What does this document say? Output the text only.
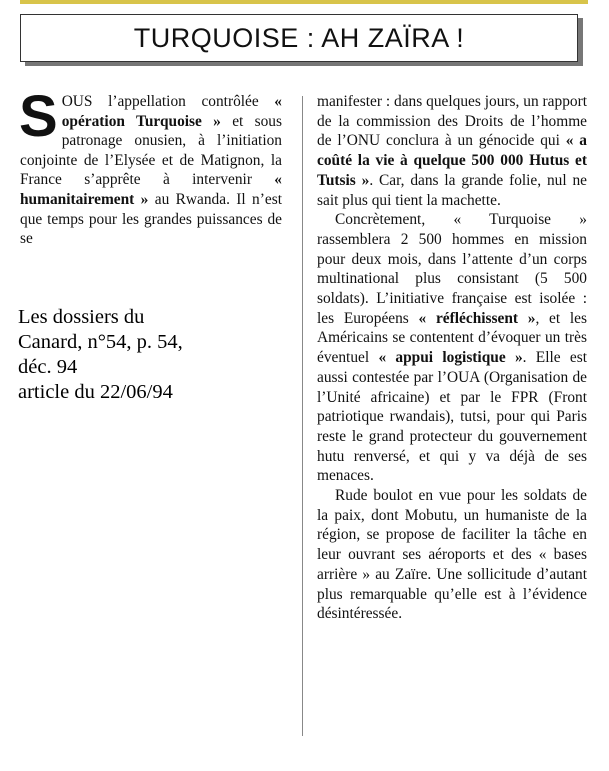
TURQUOISE : AH ZAÏRA !
SOUS l’appellation contrôlée « opération Turquoise » et sous patronage onusien, à l’initiation conjointe de l’Elysée et de Matignon, la France s’apprête à intervenir « humanitairement » au Rwanda. Il n’est que temps pour les grandes puissances de se

manifester : dans quelques jours, un rapport de la commission des Droits de l’homme de l’ONU conclura à un génocide qui « a coûté la vie à quelque 500 000 Hutus et Tutsis ». Car, dans la grande folie, nul ne sait plus qui tient la machette.

Concrètement, « Turquoise » rassemblera 2 500 hommes en mission pour deux mois, dans l’attente d’un corps multinational plus consistant (5 500 soldats). L’initiative française est isolée : les Européens « réfléchissent », et les Américains se contentent d’évoquer un très éventuel « appui logistique ». Elle est aussi contestée par l’OUA (Organisation de l’Unité africaine) et par le FPR (Front patriotique rwandais), tutsi, pour qui Paris reste le grand protecteur du gouvernement hutu renversé, et qui y va déjà de ses menaces.

Rude boulot en vue pour les soldats de la paix, dont Mobutu, un humaniste de la région, se propose de faciliter la tâche en leur ouvrant ses aéroports et des « bases arrière » au Zaïre. Une sollicitude d’autant plus remarquable qu’elle est à l’évidence désintéressée.

Les dossiers du
Canard, n°54, p. 54,
déc. 94
article du 22/06/94
